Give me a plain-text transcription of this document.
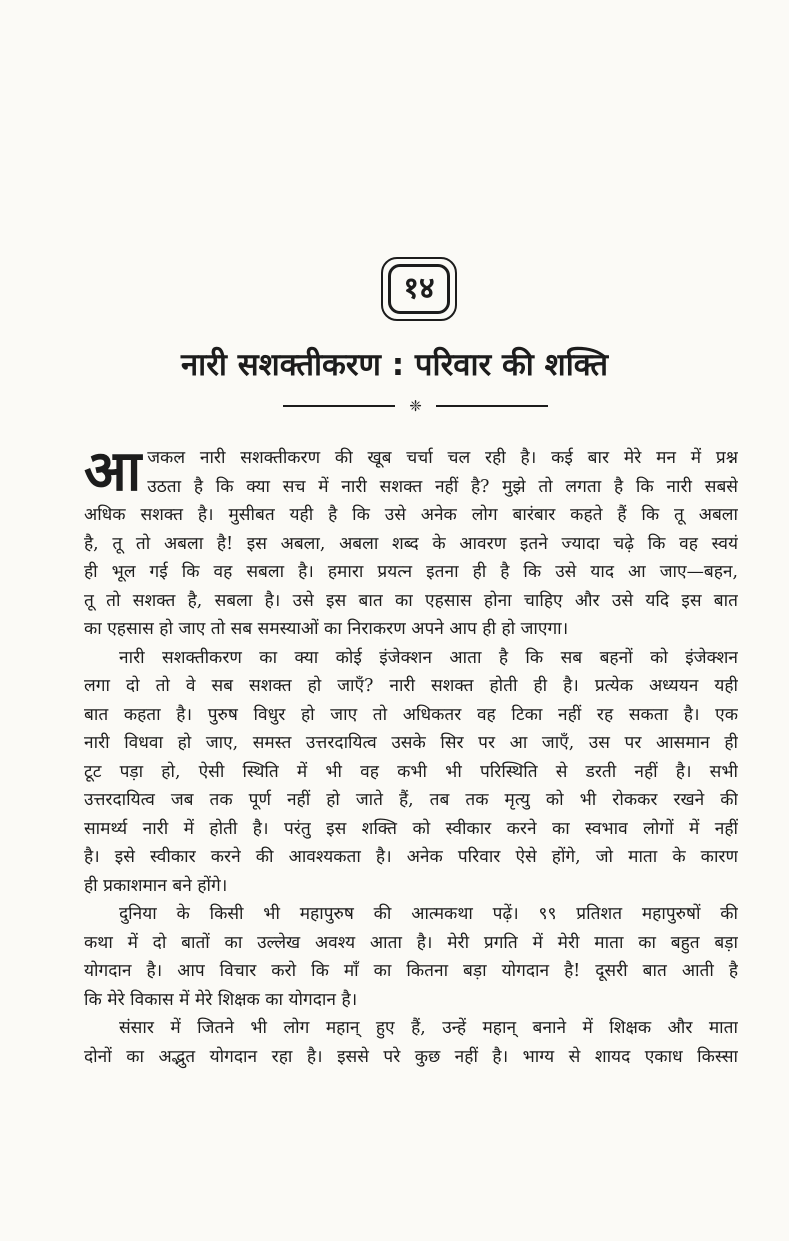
१४
नारी सशक्तीकरण : परिवार की शक्ति
❈
आ जकल नारी सशक्तीकरण की खूब चर्चा चल रही है। कई बार मेरे मन में प्रश्न
उठता है कि क्या सच में नारी सशक्त नहीं है? मुझे तो लगता है कि नारी सबसे
अधिक सशक्त है। मुसीबत यही है कि उसे अनेक लोग बारंबार कहते हैं कि तू अबला
है, तू तो अबला है! इस अबला, अबला शब्द के आवरण इतने ज्यादा चढ़े कि वह स्वयं
ही भूल गई कि वह सबला है। हमारा प्रयत्न इतना ही है कि उसे याद आ जाए—बहन,
तू तो सशक्त है, सबला है। उसे इस बात का एहसास होना चाहिए और उसे यदि इस बात
का एहसास हो जाए तो सब समस्याओं का निराकरण अपने आप ही हो जाएगा।
नारी सशक्तीकरण का क्या कोई इंजेक्शन आता है कि सब बहनों को इंजेक्शन
लगा दो तो वे सब सशक्त हो जाएँ? नारी सशक्त होती ही है। प्रत्येक अध्ययन यही
बात कहता है। पुरुष विधुर हो जाए तो अधिकतर वह टिका नहीं रह सकता है। एक
नारी विधवा हो जाए, समस्त उत्तरदायित्व उसके सिर पर आ जाएँ, उस पर आसमान ही
टूट पड़ा हो, ऐसी स्थिति में भी वह कभी भी परिस्थिति से डरती नहीं है। सभी
उत्तरदायित्व जब तक पूर्ण नहीं हो जाते हैं, तब तक मृत्यु को भी रोककर रखने की
सामर्थ्य नारी में होती है। परंतु इस शक्ति को स्वीकार करने का स्वभाव लोगों में नहीं
है। इसे स्वीकार करने की आवश्यकता है। अनेक परिवार ऐसे होंगे, जो माता के कारण
ही प्रकाशमान बने होंगे।
दुनिया के किसी भी महापुरुष की आत्मकथा पढ़ें। ९९ प्रतिशत महापुरुषों की
कथा में दो बातों का उल्लेख अवश्य आता है। मेरी प्रगति में मेरी माता का बहुत बड़ा
योगदान है। आप विचार करो कि माँ का कितना बड़ा योगदान है! दूसरी बात आती है
कि मेरे विकास में मेरे शिक्षक का योगदान है।
संसार में जितने भी लोग महान् हुए हैं, उन्हें महान् बनाने में शिक्षक और माता
दोनों का अद्भुत योगदान रहा है। इससे परे कुछ नहीं है। भाग्य से शायद एकाध किस्सा
